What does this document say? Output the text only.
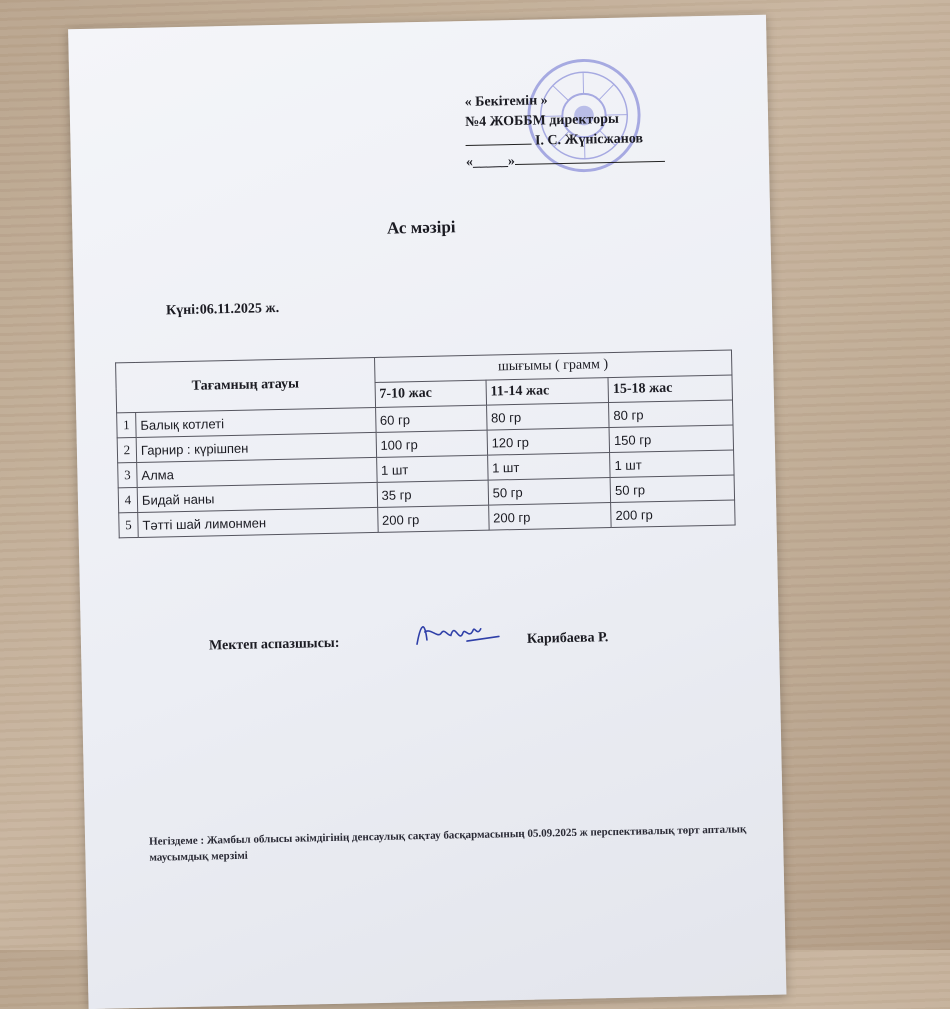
« Бекітемін »
№4 ЖОББМ директоры
І. С. Жүнісжанов
«_____»
Ас мәзірі
Күні:06.11.2025 ж.
Тағамның атауы		шығымы ( грамм )		
		7-10 жас	11-14 жас	15-18 жас
1	Балық котлеті	60 гр	80 гр	80 гр
2	Гарнир : күрішпен	100 гр	120 гр	150 гр
3	Алма	1 шт	1 шт	1 шт
4	Бидай наны	35 гр	50 гр	50 гр
5	Тәтті шай лимонмен	200 гр	200 гр	200 гр
Мектеп аспазшысы:	Карибаева Р.
Негіздеме : Жамбыл облысы әкімдігінің денсаулық сақтау басқармасының 05.09.2025 ж перспективалық төрт апталық маусымдық мерзімі
